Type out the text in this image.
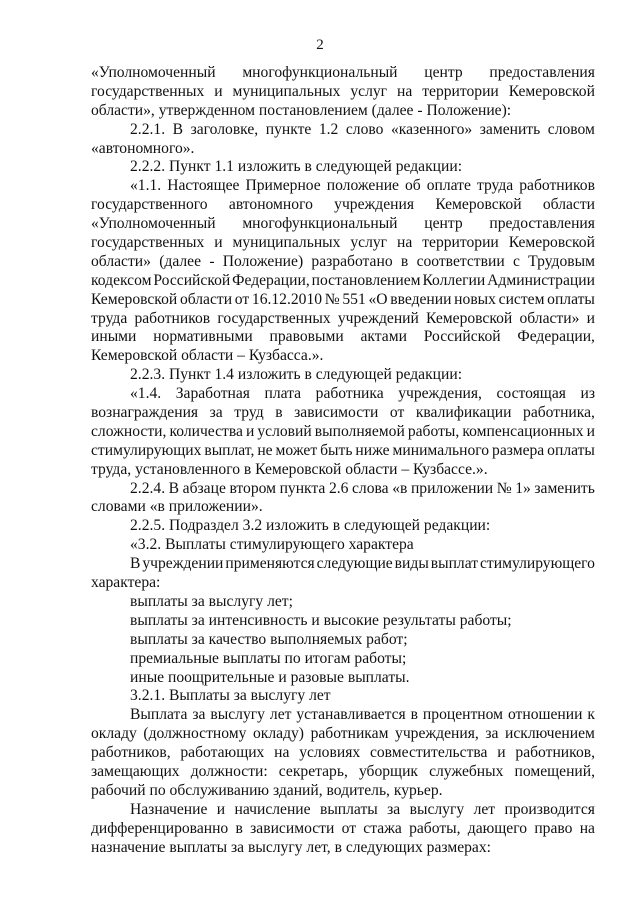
2
«Уполномоченный многофункциональный центр предоставления
государственных и муниципальных услуг на территории Кемеровской
области», утвержденном постановлением (далее - Положение):
2.2.1. В заголовке, пункте 1.2 слово «казенного» заменить словом
«автономного».
2.2.2. Пункт 1.1 изложить в следующей редакции:
«1.1. Настоящее Примерное положение об оплате труда работников
государственного автономного учреждения Кемеровской области
«Уполномоченный многофункциональный центр предоставления
государственных и муниципальных услуг на территории Кемеровской
области» (далее - Положение) разработано в соответствии с Трудовым
кодексом Российской Федерации, постановлением Коллегии Администрации
Кемеровской области от 16.12.2010 № 551 «О введении новых систем оплаты
труда работников государственных учреждений Кемеровской области» и
иными нормативными правовыми актами Российской Федерации,
Кемеровской области – Кузбасса.».
2.2.3. Пункт 1.4 изложить в следующей редакции:
«1.4. Заработная плата работника учреждения, состоящая из
вознаграждения за труд в зависимости от квалификации работника,
сложности, количества и условий выполняемой работы, компенсационных и
стимулирующих выплат, не может быть ниже минимального размера оплаты
труда, установленного в Кемеровской области – Кузбассе.».
2.2.4. В абзаце втором пункта 2.6 слова «в приложении № 1» заменить
словами «в приложении».
2.2.5. Подраздел 3.2 изложить в следующей редакции:
«3.2. Выплаты стимулирующего характера
В учреждении применяются следующие виды выплат стимулирующего
характера:
выплаты за выслугу лет;
выплаты за интенсивность и высокие результаты работы;
выплаты за качество выполняемых работ;
премиальные выплаты по итогам работы;
иные поощрительные и разовые выплаты.
3.2.1. Выплаты за выслугу лет
Выплата за выслугу лет устанавливается в процентном отношении к
окладу (должностному окладу) работникам учреждения, за исключением
работников, работающих на условиях совместительства и работников,
замещающих должности: секретарь, уборщик служебных помещений,
рабочий по обслуживанию зданий, водитель, курьер.
Назначение и начисление выплаты за выслугу лет производится
дифференцированно в зависимости от стажа работы, дающего право на
назначение выплаты за выслугу лет, в следующих размерах:
